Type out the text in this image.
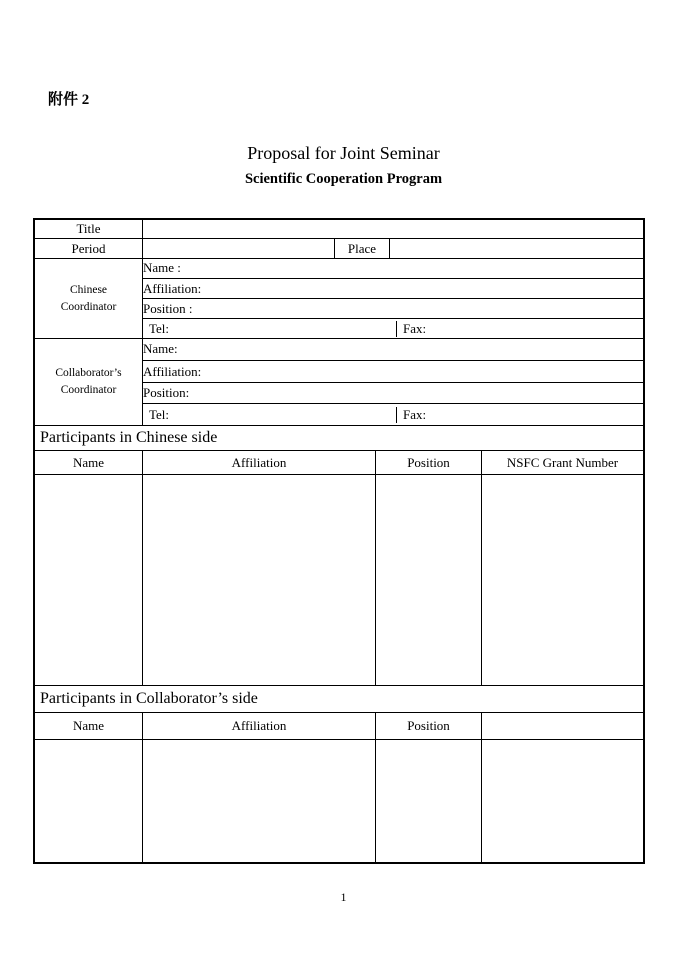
附件 2
Proposal for Joint Seminar
Scientific Cooperation Program
Title
Period	Place
Chinese
Coordinator
Name :
Affiliation:
Position :
Tel:	Fax:
Collaborator’s
Coordinator
Name:
Affiliation:
Position:
Tel:	Fax:
Participants in Chinese side
Name	Affiliation	Position	NSFC Grant Number
Participants in Collaborator’s side
Name	Affiliation	Position
1
